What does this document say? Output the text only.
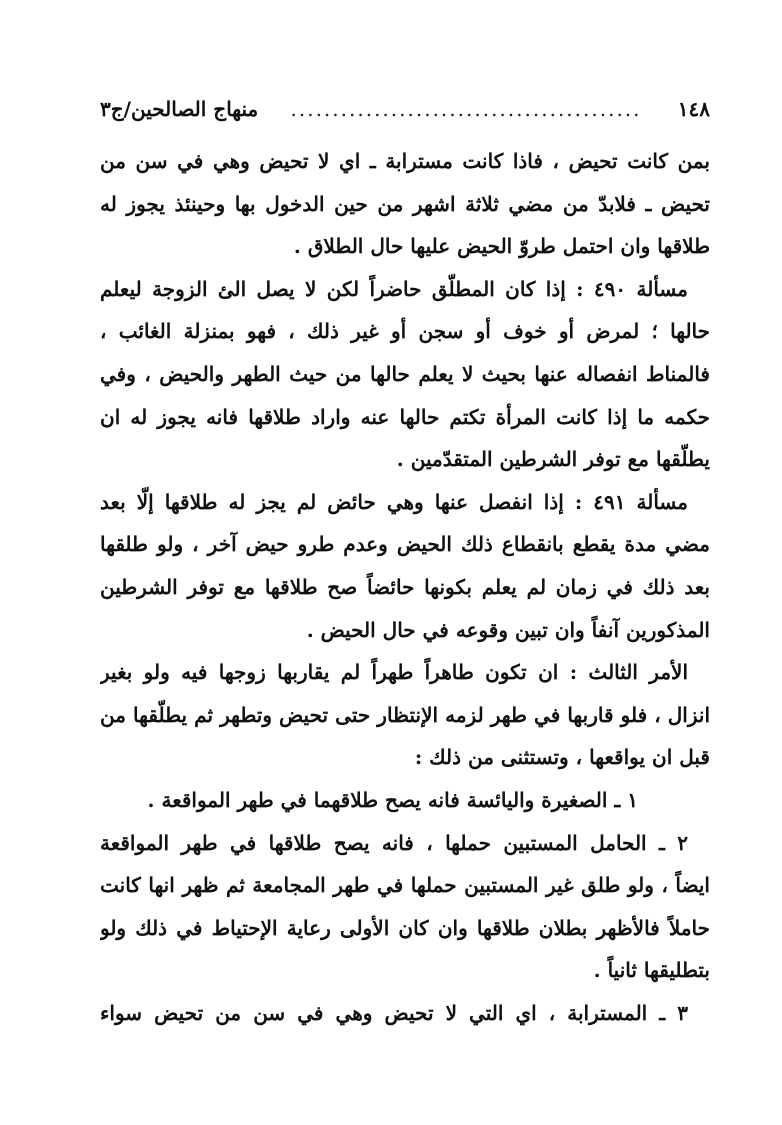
١٤٨
..........................................
منهاج الصالحين/ج٣
بمن كانت تحيض ، فاذا كانت مسترابة ـ اي لا تحيض وهي في سن من
تحيض ـ فلابدّ من مضي ثلاثة اشهر من حين الدخول بها وحينئذ يجوز له
طلاقها وان احتمل طروّ الحيض عليها حال الطلاق .
مسألة ٤٩٠ : إذا كان المطلّق حاضراً لكن لا يصل الئ الزوجة ليعلم
حالها ؛ لمرض أو خوف أو سجن أو غير ذلك ، فهو بمنزلة الغائب ،
فالمناط انفصاله عنها بحيث لا يعلم حالها من حيث الطهر والحيض ، وفي
حكمه ما إذا كانت المرأة تكتم حالها عنه واراد طلاقها فانه يجوز له ان
يطلّقها مع توفر الشرطين المتقدّمين .
مسألة ٤٩١ : إذا انفصل عنها وهي حائض لم يجز له طلاقها إلّا بعد
مضي مدة يقطع بانقطاع ذلك الحيض وعدم طرو حيض آخر ، ولو طلقها
بعد ذلك في زمان لم يعلم بكونها حائضاً صح طلاقها مع توفر الشرطين
المذكورين آنفاً وان تبين وقوعه في حال الحيض .
الأمر الثالث : ان تكون طاهراً طهراً لم يقاربها زوجها فيه ولو بغير
انزال ، فلو قاربها في طهر لزمه الإنتظار حتى تحيض وتطهر ثم يطلّقها من
قبل ان يواقعها ، وتستثنى من ذلك :
١ ـ الصغيرة واليائسة فانه يصح طلاقهما في طهر المواقعة .
٢ ـ الحامل المستبين حملها ، فانه يصح طلاقها في طهر المواقعة
ايضاً ، ولو طلق غير المستبين حملها في طهر المجامعة ثم ظهر انها كانت
حاملاً فالأظهر بطلان طلاقها وان كان الأولى رعاية الإحتياط في ذلك ولو
بتطليقها ثانياً .
٣ ـ المسترابة ، اي التي لا تحيض وهي في سن من تحيض سواء
